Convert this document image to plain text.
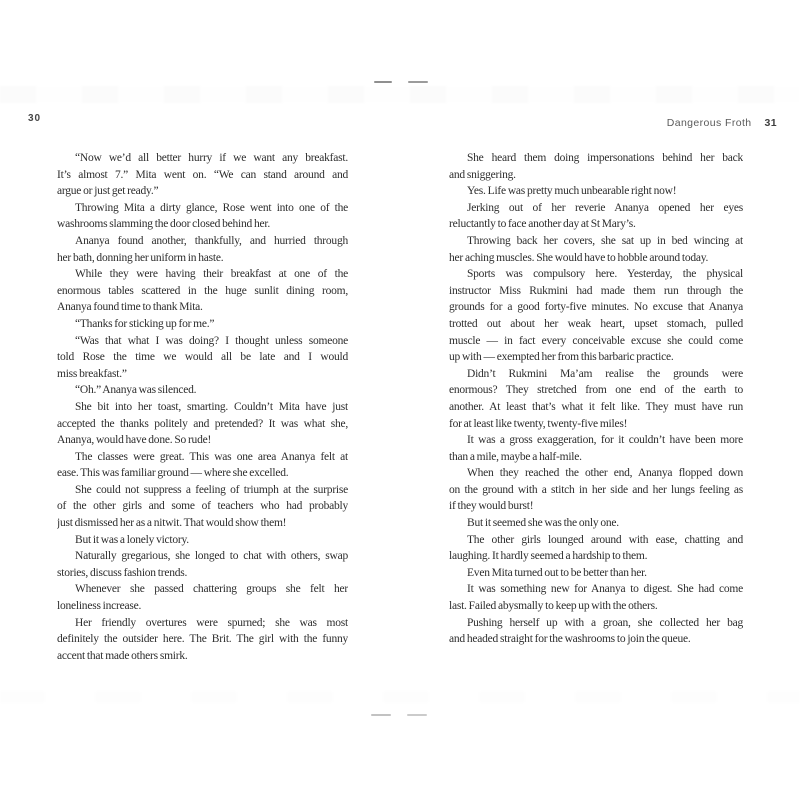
30	Dangerous Froth 31
“Now we’d all better hurry if we want any breakfast.
It’s almost 7.” Mita went on. “We can stand around and
argue or just get ready.”
Throwing Mita a dirty glance, Rose went into one of the
washrooms slamming the door closed behind her.
Ananya found another, thankfully, and hurried through
her bath, donning her uniform in haste.
While they were having their breakfast at one of the
enormous tables scattered in the huge sunlit dining room,
Ananya found time to thank Mita.
“Thanks for sticking up for me.”
“Was that what I was doing? I thought unless someone
told Rose the time we would all be late and I would
miss breakfast.”
“Oh.” Ananya was silenced.
She bit into her toast, smarting. Couldn’t Mita have just
accepted the thanks politely and pretended? It was what she,
Ananya, would have done. So rude!
The classes were great. This was one area Ananya felt at
ease. This was familiar ground — where she excelled.
She could not suppress a feeling of triumph at the surprise
of the other girls and some of teachers who had probably
just dismissed her as a nitwit. That would show them!
But it was a lonely victory.
Naturally gregarious, she longed to chat with others, swap
stories, discuss fashion trends.
Whenever she passed chattering groups she felt her
loneliness increase.
Her friendly overtures were spurned; she was most
definitely the outsider here. The Brit. The girl with the funny
accent that made others smirk.
She heard them doing impersonations behind her back
and sniggering.
Yes. Life was pretty much unbearable right now!
Jerking out of her reverie Ananya opened her eyes
reluctantly to face another day at St Mary’s.
Throwing back her covers, she sat up in bed wincing at
her aching muscles. She would have to hobble around today.
Sports was compulsory here. Yesterday, the physical
instructor Miss Rukmini had made them run through the
grounds for a good forty-five minutes. No excuse that Ananya
trotted out about her weak heart, upset stomach, pulled
muscle — in fact every conceivable excuse she could come
up with — exempted her from this barbaric practice.
Didn’t Rukmini Ma’am realise the grounds were
enormous? They stretched from one end of the earth to
another. At least that’s what it felt like. They must have run
for at least like twenty, twenty-five miles!
It was a gross exaggeration, for it couldn’t have been more
than a mile, maybe a half-mile.
When they reached the other end, Ananya flopped down
on the ground with a stitch in her side and her lungs feeling as
if they would burst!
But it seemed she was the only one.
The other girls lounged around with ease, chatting and
laughing. It hardly seemed a hardship to them.
Even Mita turned out to be better than her.
It was something new for Ananya to digest. She had come
last. Failed abysmally to keep up with the others.
Pushing herself up with a groan, she collected her bag
and headed straight for the washrooms to join the queue.
